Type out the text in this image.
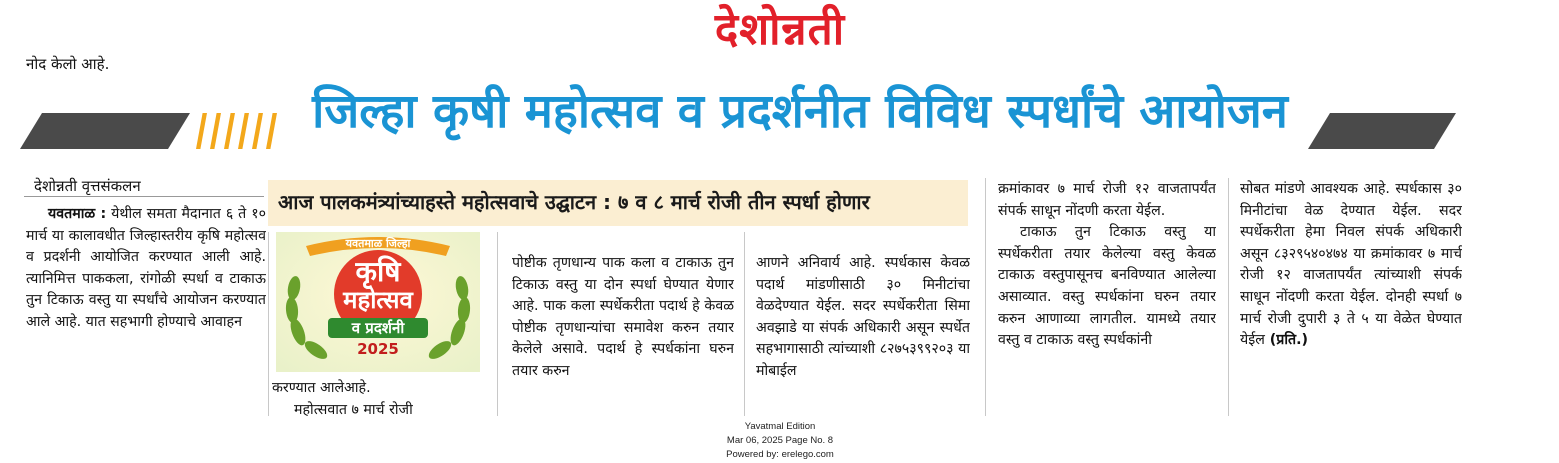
देशोन्नती
नोद केलो आहे.
जिल्हा कृषी महोत्सव व प्रदर्शनीत विविध स्पर्धांचे आयोजन
देशोन्नती वृत्तसंकलन
आज पालकमंत्र्यांच्याहस्ते महोत्सवाचे उद्घाटन : ७ व ८ मार्च रोजी तीन स्पर्धा होणार

यवतमाळ : येथील समता मैदानात ६ ते १० मार्च या कालावधीत जिल्हास्तरीय कृषि महोत्सव व प्रदर्शनी आयोजित करण्यात आली आहे. त्यानिमित्त पाककला, रांगोळी स्पर्धा व टाकाऊ तुन टिकाऊ वस्तु या स्पर्धांचे आयोजन करण्यात आले आहे. यात सहभागी होण्याचे आवाहन

यवतमाळ जिल्हा
कृषि
महोत्सव
व प्रदर्शनी
2025

करण्यात आलेआहे.

महोत्सवात ७ मार्च रोजी

पोष्टीक तृणधान्य पाक कला व टाकाऊ तुन टिकाऊ वस्तु या दोन स्पर्धा घेण्यात येणार आहे. पाक कला स्पर्धेकरीता पदार्थ हे केवळ पोष्टीक तृणधान्यांचा समावेश करुन तयार केलेले असावे. पदार्थ हे स्पर्धकांना घरुन तयार करुन

आणने अनिवार्य आहे. स्पर्धकास केवळ पदार्थ मांडणीसाठी ३० मिनीटांचा वेळदेण्यात येईल. सदर स्पर्धेकरीता सिमा अवझाडे या संपर्क अधिकारी असून स्पर्धेत सहभागासाठी त्यांच्याशी ८२७५३९९२०३ या मोबाईल

क्रमांकावर ७ मार्च रोजी १२ वाजतापर्यंत संपर्क साधून नोंदणी करता येईल.

टाकाऊ तुन टिकाऊ वस्तु या स्पर्धेकरीता तयार केलेल्या वस्तु केवळ टाकाऊ वस्तुपासूनच बनविण्यात आलेल्या असाव्यात. वस्तु स्पर्धकांना घरुन तयार करुन आणाव्या लागतील. यामध्ये तयार वस्तु व टाकाऊ वस्तु स्पर्धकांनी

सोबत मांडणे आवश्यक आहे. स्पर्धकास ३० मिनीटांचा वेळ देण्यात येईल. सदर स्पर्धेकरीता हेमा निवल संपर्क अधिकारी असून ८३२९५४०४७४ या क्रमांकावर ७ मार्च रोजी १२ वाजतापर्यंत त्यांच्याशी संपर्क साधून नोंदणी करता येईल. दोनही स्पर्धा ७ मार्च रोजी दुपारी ३ ते ५ या वेळेत घेण्यात येईल (प्रति.)

Yavatmal Edition
Mar 06, 2025 Page No. 8
Powered by: erelego.com
